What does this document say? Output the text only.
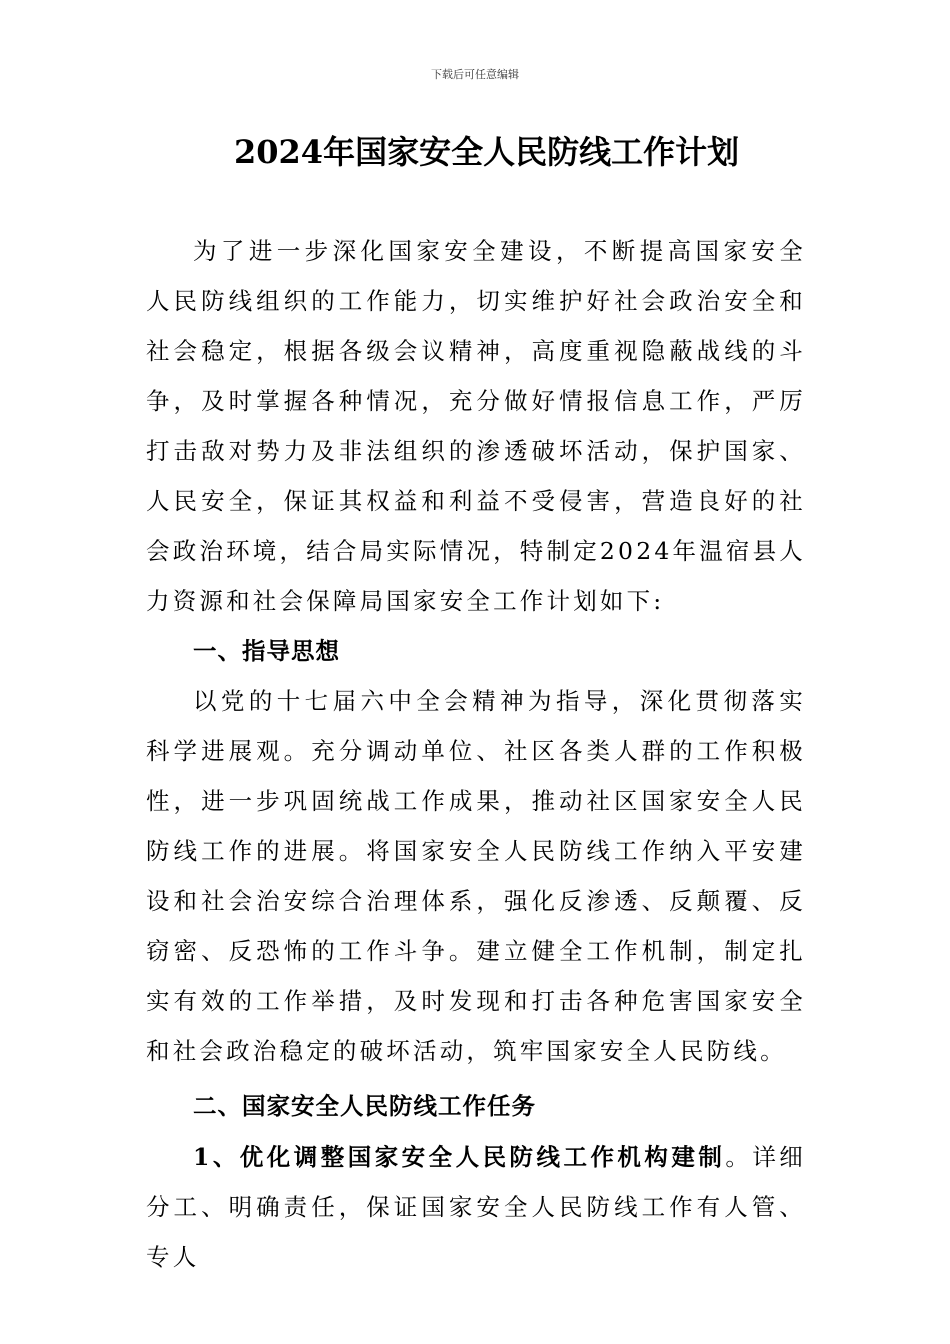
下载后可任意编辑
2024年国家安全人民防线工作计划

为了进一步深化国家安全建设，不断提高国家安全人民防线组织的工作能力，切实维护好社会政治安全和社会稳定，根据各级会议精神，高度重视隐蔽战线的斗争，及时掌握各种情况，充分做好情报信息工作，严厉打击敌对势力及非法组织的渗透破坏活动，保护国家、人民安全，保证其权益和利益不受侵害，营造良好的社会政治环境，结合局实际情况，特制定2024年温宿县人力资源和社会保障局国家安全工作计划如下:

一、指导思想

以党的十七届六中全会精神为指导，深化贯彻落实科学进展观。充分调动单位、社区各类人群的工作积极性，进一步巩固统战工作成果，推动社区国家安全人民防线工作的进展。将国家安全人民防线工作纳入平安建设和社会治安综合治理体系，强化反渗透、反颠覆、反窃密、反恐怖的工作斗争。建立健全工作机制，制定扎实有效的工作举措，及时发现和打击各种危害国家安全和社会政治稳定的破坏活动，筑牢国家安全人民防线。

二、国家安全人民防线工作任务

1、优化调整国家安全人民防线工作机构建制。详细分工、明确责任，保证国家安全人民防线工作有人管、专人
